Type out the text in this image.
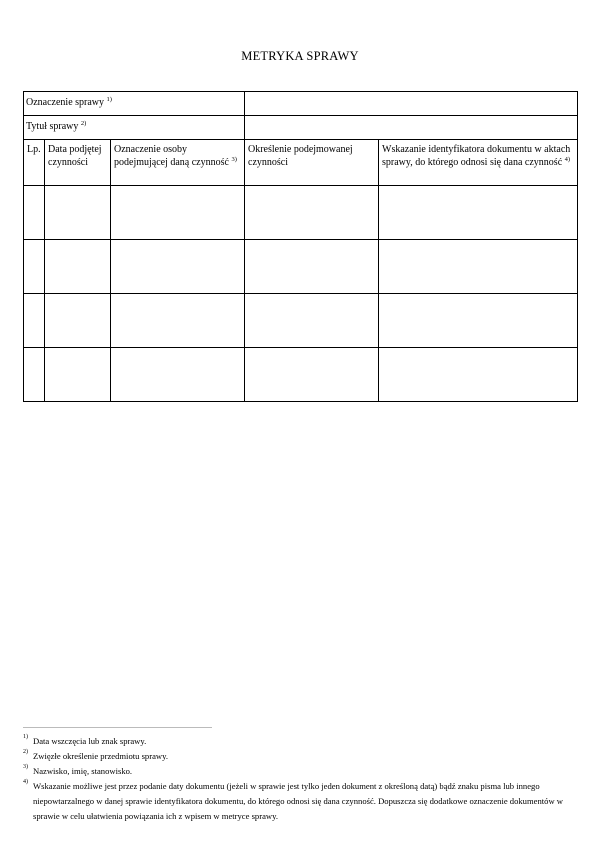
METRYKA SPRAWY
Oznaczenie sprawy $^{1)}$	
Tytuł sprawy $^{2)}$	
Lp.	Data podjętej czynności	Oznaczenie osoby podejmującej daną czynność $^{3)}$	Określenie podejmowanej czynności	Wskazanie identyfikatora dokumentu w aktach sprawy, do którego odnosi się dana czynność $^{4)}$

1) Data wszczęcia lub znak sprawy.
2) Zwięzłe określenie przedmiotu sprawy.
3) Nazwisko, imię, stanowisko.
4) Wskazanie możliwe jest przez podanie daty dokumentu (jeżeli w sprawie jest tylko jeden dokument z określoną datą) bądź znaku pisma lub innego niepowtarzalnego w danej sprawie identyfikatora dokumentu, do którego odnosi się dana czynność. Dopuszcza się dodatkowe oznaczenie dokumentów w sprawie w celu ułatwienia powiązania ich z wpisem w metryce sprawy.
